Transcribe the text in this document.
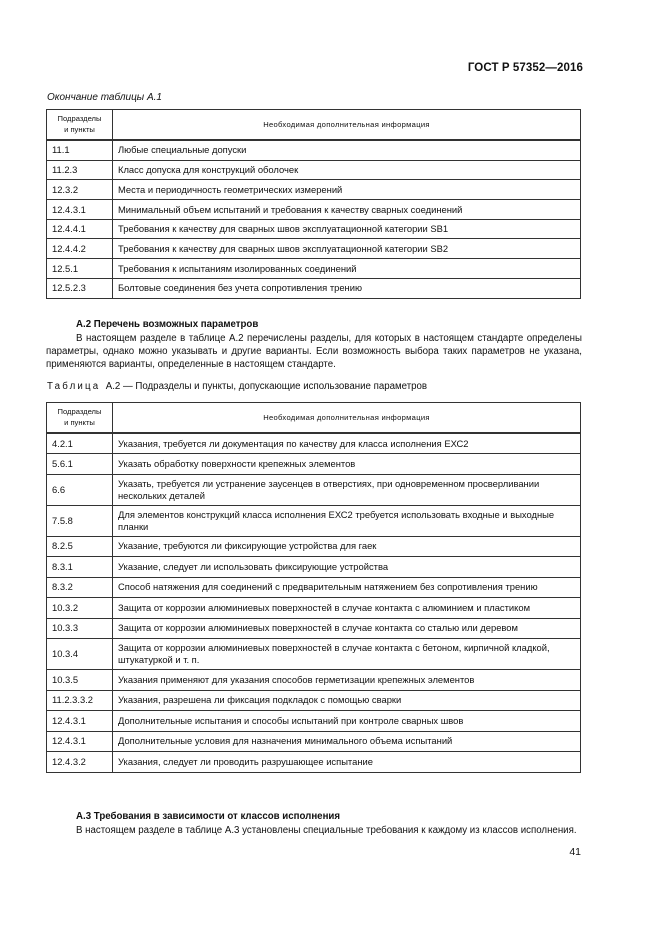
ГОСТ Р 57352—2016
Окончание таблицы А.1
Подразделы
и пункты	Необходимая дополнительная информация
11.1	Любые специальные допуски
11.2.3	Класс допуска для конструкций оболочек
12.3.2	Места и периодичность геометрических измерений
12.4.3.1	Минимальный объем испытаний и требования к качеству сварных соединений
12.4.4.1	Требования к качеству для сварных швов эксплуатационной категории SB1
12.4.4.2	Требования к качеству для сварных швов эксплуатационной категории SB2
12.5.1	Требования к испытаниям изолированных соединений
12.5.2.3	Болтовые соединения без учета сопротивления трению
А.2 Перечень возможных параметров
В настоящем разделе в таблице А.2 перечислены разделы, для которых в настоящем стандарте определены параметры, однако можно указывать и другие варианты. Если возможность выбора таких параметров не указана, применяются варианты, определенные в настоящем стандарте.
Таблица А.2 — Подразделы и пункты, допускающие использование параметров
Подразделы
и пункты	Необходимая дополнительная информация
4.2.1	Указания, требуется ли документация по качеству для класса исполнения ЕХС2
5.6.1	Указать обработку поверхности крепежных элементов
6.6	Указать, требуется ли устранение заусенцев в отверстиях, при одновременном просверливании нескольких деталей
7.5.8	Для элементов конструкций класса исполнения ЕХС2 требуется использовать входные и выходные планки
8.2.5	Указание, требуются ли фиксирующие устройства для гаек
8.3.1	Указание, следует ли использовать фиксирующие устройства
8.3.2	Способ натяжения для соединений с предварительным натяжением без сопротивления трению
10.3.2	Защита от коррозии алюминиевых поверхностей в случае контакта с алюминием и пластиком
10.3.3	Защита от коррозии алюминиевых поверхностей в случае контакта со сталью или деревом
10.3.4	Защита от коррозии алюминиевых поверхностей в случае контакта с бетоном, кирпичной кладкой, штукатуркой и т. п.
10.3.5	Указания применяют для указания способов герметизации крепежных элементов
11.2.3.3.2	Указания, разрешена ли фиксация подкладок с помощью сварки
12.4.3.1	Дополнительные испытания и способы испытаний при контроле сварных швов
12.4.3.1	Дополнительные условия для назначения минимального объема испытаний
12.4.3.2	Указания, следует ли проводить разрушающее испытание
А.3 Требования в зависимости от классов исполнения
В настоящем разделе в таблице А.3 установлены специальные требования к каждому из классов исполнения.
41
